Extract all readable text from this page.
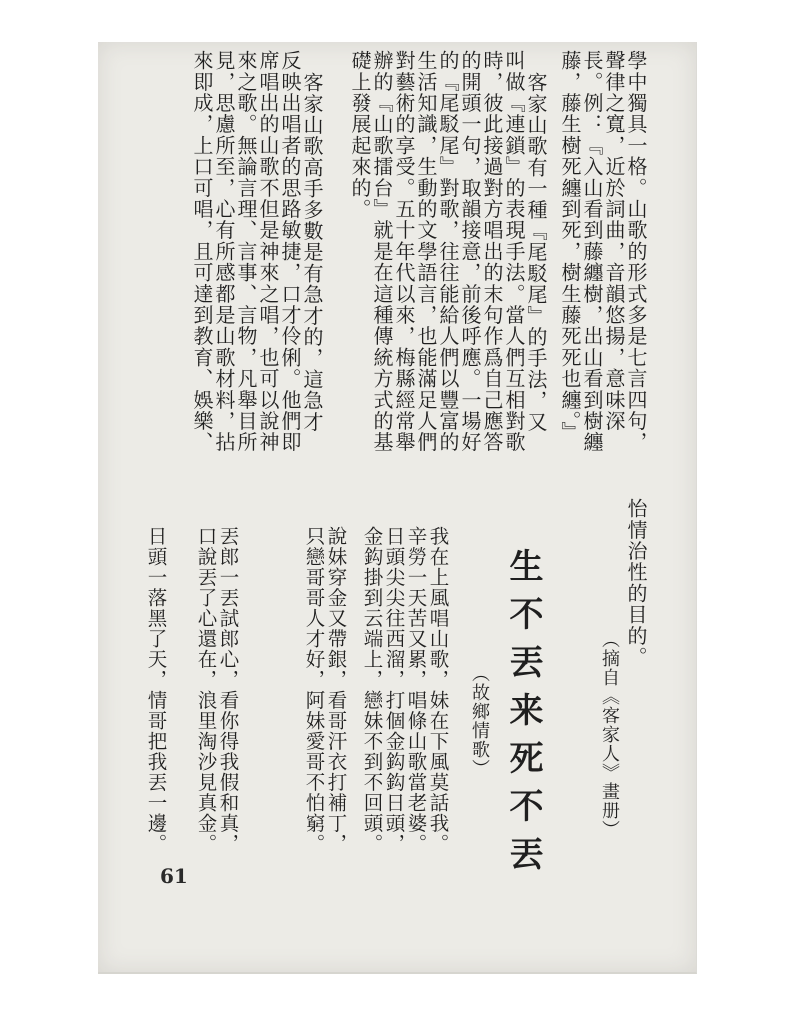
學中獨具一格。山歌的形式多是七言四句，
聲律之寬，近於詞曲，音韻悠揚，意味深
長。例：『入山看到藤纏樹，出山看到樹纏
藤，藤生樹死纏到死，樹生藤死死也纏。』
客家山歌有一種『尾駁尾』的手法，又
叫做『連鎖』的表現手法。當人們互相對歌
時，彼此接過對方唱出的末句作爲自己應答
的開頭一句，取韻接意，前後呼應。一場好
的『尾駁尾』對歌，往往能給人們以豐富的
生活知識，生動的文學語言，也能滿足人們
對藝術的享受。五十年代以來，梅縣經常舉
辦的『山歌擂台』就是在這種傳統方式的基
礎上發展起來的。
客家山歌高手多數是有急才的，這急才
反映出唱者的思路敏捷，口才伶俐。他們即
席唱出的山歌不但是神來之唱，也可以說神
來之歌。無論言理、言事、言物，凡舉目所
見，思慮所至，心有所感都是山歌材料，拈
來即成，上口可唱，且可達到教育、娛樂、
怡情治性的目的。
（摘自《客家人》畫册）
生不丟来死不丟
（故鄉情歌）
我在上風唱山歌，妹在下風莫話我。
辛勞一天苦又累，唱條山歌當老婆。
日頭尖尖往西溜，打個金鈎鈎日頭，
金鈎掛到云端上，戀妹不到不回頭。
說妹穿金又帶銀，看哥汗衣打補丁，
只戀哥哥人才好，阿妹愛哥不怕窮。
丟郎一丟試郎心，看你得我假和真，
口說丟了心還在，浪里淘沙見真金。
日頭一落黑了天，情哥把我丟一邊。
61
